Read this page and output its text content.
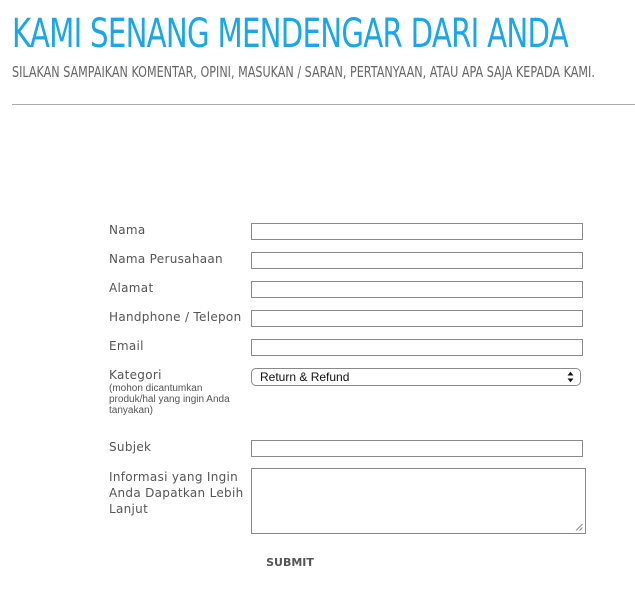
KAMI SENANG MENDENGAR DARI ANDA

SILAKAN SAMPAIKAN KOMENTAR, OPINI, MASUKAN / SARAN, PERTANYAAN, ATAU APA SAJA KEPADA KAMI.

Nama
Nama Perusahaan
Alamat
Handphone / Telepon
Email
Kategori
(mohon dicantumkan produk/hal yang ingin Anda tanyakan)
Return & Refund
Subjek
Informasi yang Ingin Anda Dapatkan Lebih Lanjut
SUBMIT
